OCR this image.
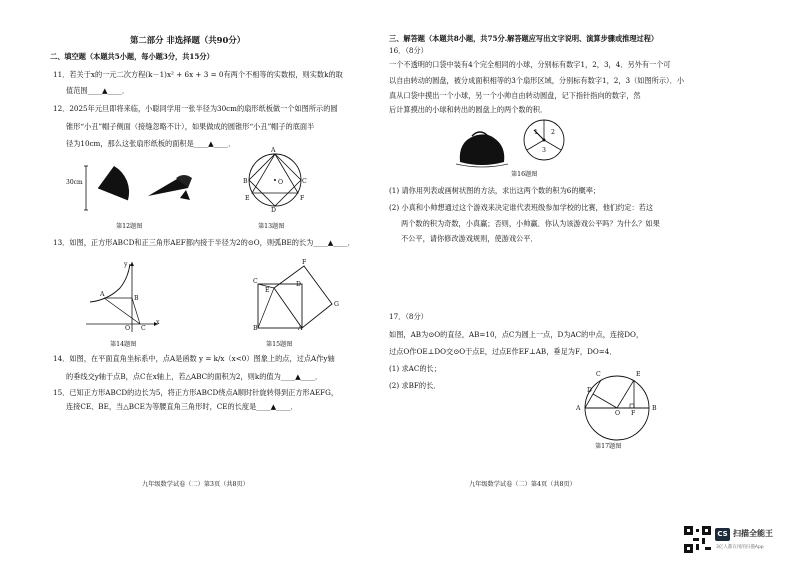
第二部分 非选择题（共90分）
二、填空题（本题共5小题，每小题3分，共15分）
11．若关于x的一元二次方程(k－1)x² + 6x + 3 = 0有两个不相等的实数根，则实数k的取
值范围____▲____．
12．2025年元旦即将来临，小聪同学用一张半径为30cm的扇形纸板做一个如图所示的圆
锥形“小丑”帽子侧面（接缝忽略不计），如果做成的圆锥形“小丑”帽子的底面半
径为10cm，那么这张扇形纸板的面积是____▲____．
30cm
A
B	C
D
E	F
O
第12题图	第13题图
13．如图，正方形ABCD和正三角形AEF都内接于半径为2的⊙O，则弧BE的长为____▲____．
y
A
B
x
O C
F
C
E
D
G
B	A
第14题图	第15题图
14．如图，在平面直角坐标系中，点A是函数 y = k/x（x<0）图象上的点，过点A作y轴
的垂线交y轴于点B，点C在x轴上，若△ABC的面积为2，则k的值为____▲____．
15．已知正方形ABCD的边长为5，将正方形ABCD绕点A顺时针旋转得到正方形AEFG，
连接CE、BE，当△BCE为等腰直角三角形时，CE的长度是____▲____．
九年级数学试卷（二）第3页（共8页）
三、解答题（本题共8小题，共75分.解答题应写出文字说明、演算步骤或推理过程）
16．（8分）
一个不透明的口袋中装有4个完全相同的小球，分别标有数字1，2，3，4．另外有一个可
以自由转动的圆盘，被分成面积相等的3个扇形区域，分别标有数字1，2，3（如图所示）．小
真从口袋中摸出一个小球，另一个小帅自由转动圆盘，记下指针指向的数字，然
后计算摸出的小球和转出的圆盘上的两个数的积．
1 2
3
第16题图
(1) 请你用列表或画树状图的方法，求出这两个数的积为6的概率；
(2) 小真和小帅想通过这个游戏来决定谁代表班级参加学校的比赛，他们约定：若这
两个数的积为奇数，小真赢；否则，小帅赢．你认为该游戏公平吗？为什么？如果
不公平，请你修改游戏规则，使游戏公平．
17．（8分）
如图，AB为⊙O的直径，AB=10，点C为圆上一点，D为AC的中点，连接DO，
过点O作OE⊥DO交⊙O于点E，过点E作EF⊥AB，垂足为F，DO=4．
(1) 求AC的长；
(2) 求BF的长．
C	E
D
A
O F
B
第17题图
九年级数学试卷（二）第4页（共8页）
CS 扫描全能王
3亿人都在用的扫描App
